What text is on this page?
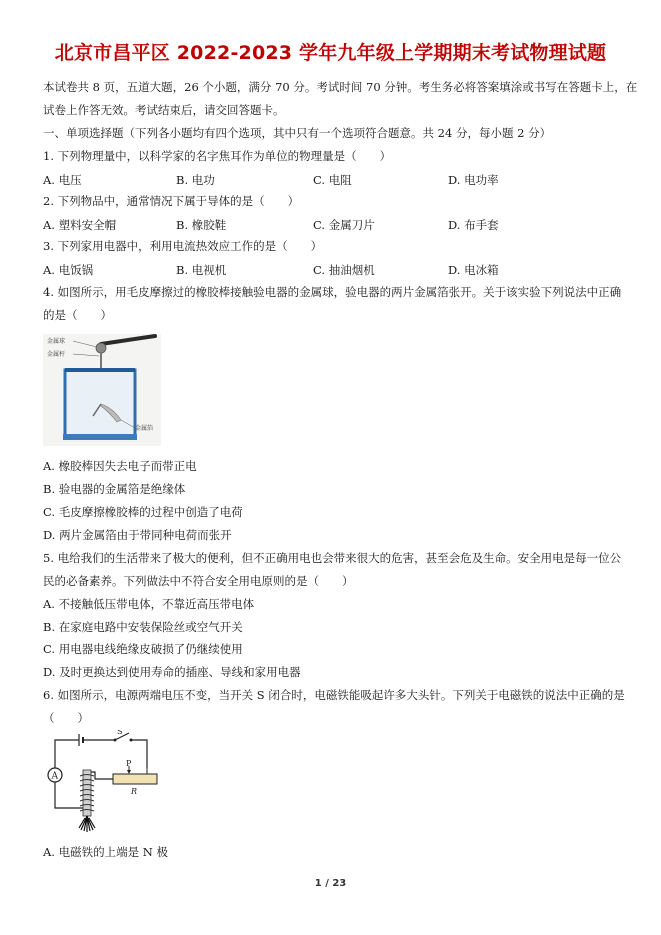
北京市昌平区 2022-2023 学年九年级上学期期末考试物理试题
本试卷共 8 页，五道大题，26 个小题，满分 70 分。考试时间 70 分钟。考生务必将答案填涂或书写在答题卡上，在
试卷上作答无效。考试结束后，请交回答题卡。
一、单项选择题（下列各小题均有四个选项，其中只有一个选项符合题意。共 24 分，每小题 2 分）
1. 下列物理量中，以科学家的名字焦耳作为单位的物理量是（　　）
A. 电压	B. 电功	C. 电阻	D. 电功率
2. 下列物品中，通常情况下属于导体的是（　　）
A. 塑料安全帽	B. 橡胶鞋	C. 金属刀片	D. 布手套
3. 下列家用电器中，利用电流热效应工作的是（　　）
A. 电饭锅	B. 电视机	C. 抽油烟机	D. 电冰箱
4. 如图所示，用毛皮摩擦过的橡胶棒接触验电器的金属球，验电器的两片金属箔张开。关于该实验下列说法中正确
的是（　　）
金属球
金属杆
金属箔
A. 橡胶棒因失去电子而带正电
B. 验电器的金属箔是绝缘体
C. 毛皮摩擦橡胶棒的过程中创造了电荷
D. 两片金属箔由于带同种电荷而张开
5. 电给我们的生活带来了极大的便利，但不正确用电也会带来很大的危害，甚至会危及生命。安全用电是每一位公
民的必备素养。下列做法中不符合安全用电原则的是（　　）
A. 不接触低压带电体，不靠近高压带电体
B. 在家庭电路中安装保险丝或空气开关
C. 用电器电线绝缘皮破损了仍继续使用
D. 及时更换达到使用寿命的插座、导线和家用电器
6. 如图所示，电源两端电压不变，当开关 S 闭合时，电磁铁能吸起许多大头针。下列关于电磁铁的说法中正确的是
（　　）
S
A
P
R
A. 电磁铁的上端是 N 极
1 / 23
